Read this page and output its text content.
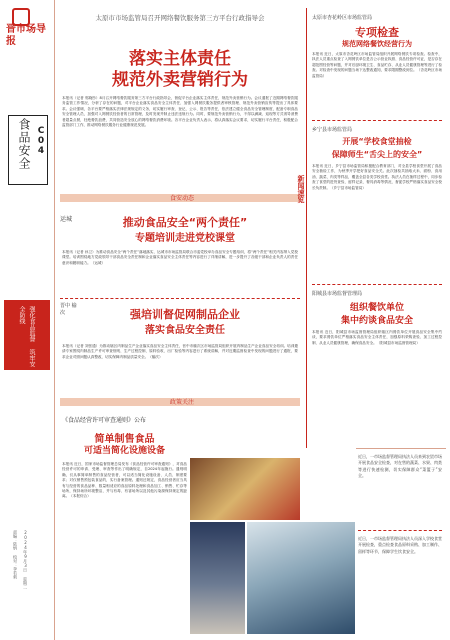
晋市场导报
食品安全 C04
强化食品监督 筑牢安全防线
责编：陆炳 校对：李若莉 2024年9月3日 星期二
太原市市场监管局召开网络餐饮服务第三方平台行政指导会
落实主体责任
规范外卖营销行为
本报讯（记者 郭晓彤）8月召开网络餐饮服务第三方平台行政指导会，督促平台企业落实主体责任，规范外卖营销行为。会议通报了近期网络餐饮服务监管工作情况，分析了存在的问题，对平台企业落实食品安全主体责任、加强入网餐饮服务提供者审核管理、规范外卖营销宣传等提出了具体要求。会议强调，各平台要严格落实法律法规规定的义务，切实履行审查、登记、公示、报告等责任，依法建立健全食品安全管理制度，配备专职食品安全管理人员，加强对入网餐饮经营者的日常管理，及时发现并制止违法违规行为。同时，要规范外卖营销行为，不得以满减、返现等方式诱导消费者超量点餐，杜绝餐饮浪费，共同营造安全放心的网络餐饮消费环境。各平台企业负责人表示，将认真落实会议要求，切实履行平台责任，积极配合监管部门工作，推动网络餐饮服务行业健康规范发展。
食安动态
运城	推动食品安全“两个责任”
专题培训走进党校课堂
本报讯（记者 孙卫）为推动食品安全“两个责任”落地落实，运城市市场监管局联合市委党校举办食品安全专题培训，将“两个责任”相关内容纳入党校课堂。培训围绕地方党政领导干部食品安全责任制和企业落实食品安全主体责任等内容进行了详细讲解，进一步提升了各级干部和企业负责人的责任意识和履职能力。（运城）
晋中 榆次	强培训督促网制品企业
落实食品安全责任
本报讯（记者 刘张通）为推动辖区肉制品生产企业落实食品安全主体责任，晋中市榆次区市场监管局组织开展肉制品生产企业食品安全培训。培训邀请专家围绕肉制品生产许可审查细则、生产过程控制、原料验收、出厂检验等内容进行了系统讲解，并对近期监督检查中发现的问题进行了通报，要求企业对照问题认真整改，切实保障肉制品质量安全。（榆次）
政策关注
《食品经营许可审查通则》公布
简单制售食品
可适当简化设施设备
本报讯 近日，国家市场监督管理总局发布《食品经营许可审查通则》，对食品经营许可的申请、受理、审查等作出了明确规定，自2024年起施行。通则明确，仅从事简单制售的食品经营者，可以适当简化设施设备、人员、制度要求；对仅销售预包装食品的，实行备案管理。通则还规定，食品经营者应当具有与经营的食品品种、数量相适应的食品原料处理和食品加工、销售、贮存等场所，保持场所环境整洁，并与有毒、有害场所以及其他污染源保持规定的距离。（本报综合）
新闻速览
太原市杏花岭区市场监管局
专项检查
规范网络餐饮经营行为
本报讯 近日，太原市杏花岭区市场监管局组织开展网络餐饮专项检查。检查中，执法人员重点检查了入网餐饮单位是否公示营业执照、食品经营许可证，是否存在超范围经营等问题，并对后厨环境卫生、食品贮存、从业人员健康管理等进行了检查。对检查中发现的问题当场下达整改通知，要求限期整改到位。（杏花岭区市场监管局）
乡宁县市场监管局
开展“学校食堂抽检
保障师生“舌尖上的安全”
本报讯 近日，乡宁县市场监管局积极配合教育部门，对全县学校食堂开展了食品安全抽检工作，为秋季开学把好食品安全关。此次抽检共抽取大米、面粉、食用油、蔬菜、肉类等样品，覆盖全县各类学校食堂。执法人员在抽样过程中，同步检查了食堂的进货查验、留样记录、餐具消毒等情况，督促学校严格落实食品安全校长负责制。（乡宁县市场监管局）
阳城县市场监督管理局
组织餐饮单位
集中约谈食品安全
本报讯 近日，阳城县市场监督管理局组织辖区内餐饮单位开展食品安全集中约谈，要求餐饮单位严格落实食品安全主体责任，加强原料采购查验、加工过程控制、从业人员健康管理，确保食品安全。（阳城县市场监督管理局）
近日，一市场监督管理局执法人员来到农贸市场开展食品安全检查，对在售的蔬菜、水果、肉类等进行快速检测，切实保障群众“菜篮子”安全。
近日，一市场监督管理局执法人员深入学校食堂开展检查，重点检查食品原料采购、加工制作、留样等环节，保障学生饮食安全。
